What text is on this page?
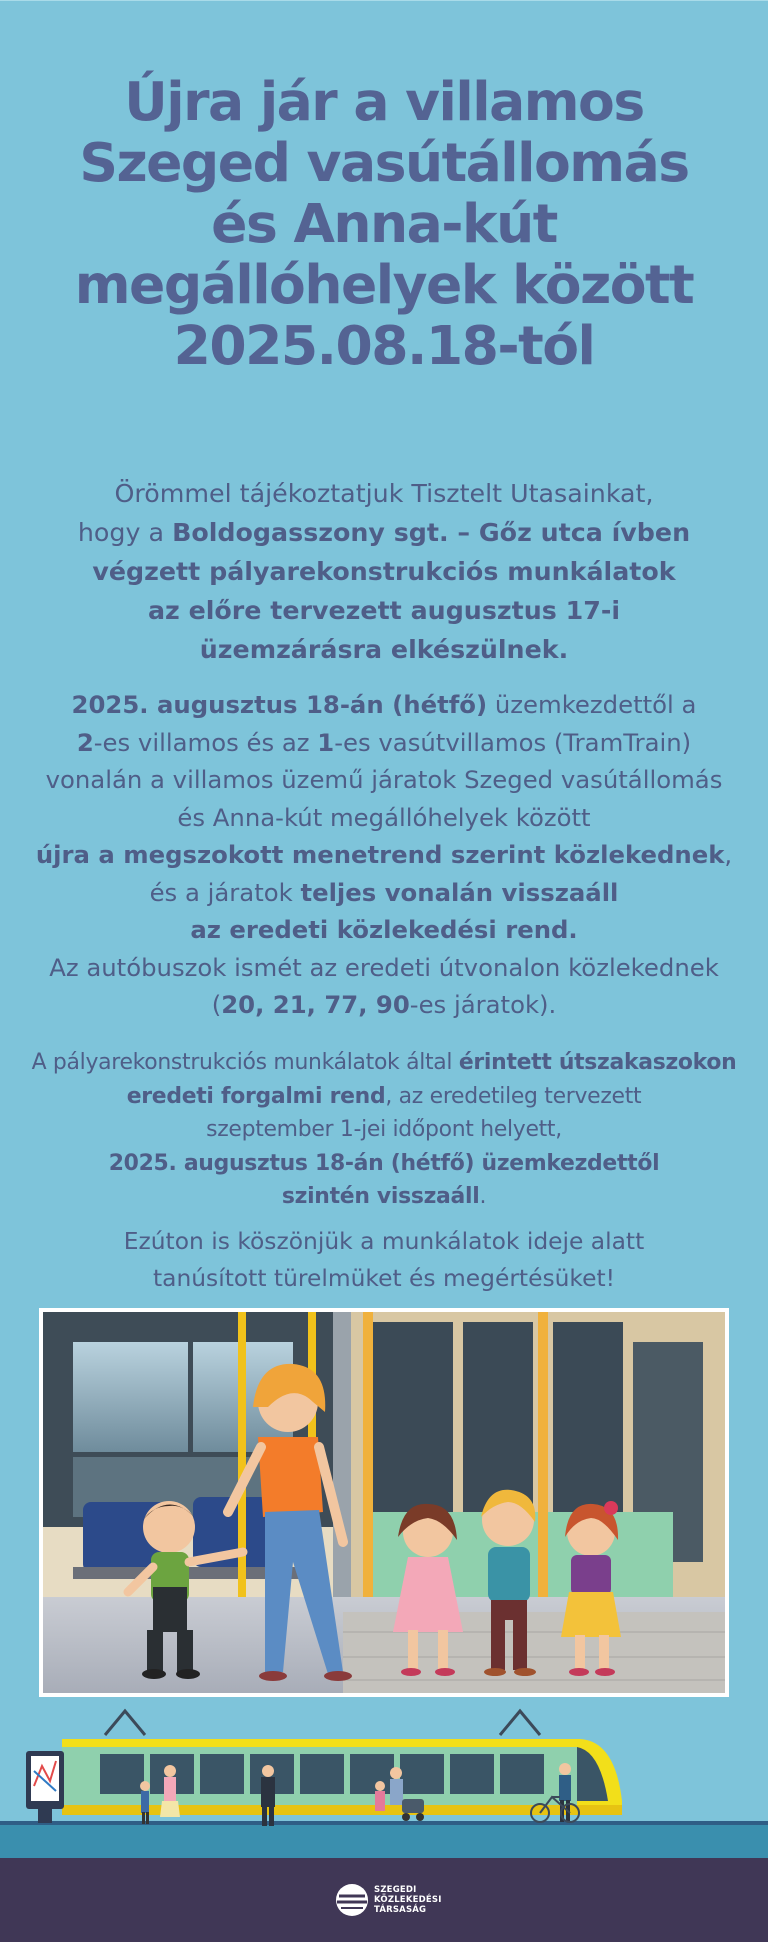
Újra jár a villamos
Szeged vasútállomás
és Anna-kút
megállóhelyek között
2025.08.18-tól
Örömmel tájékoztatjuk Tisztelt Utasainkat,
hogy a Boldogasszony sgt. – Gőz utca ívben
végzett pályarekonstrukciós munkálatok
az előre tervezett augusztus 17-i
üzemzárásra elkészülnek.
2025. augusztus 18-án (hétfő) üzemkezdettől a
2-es villamos és az 1-es vasútvillamos (TramTrain)
vonalán a villamos üzemű járatok Szeged vasútállomás
és Anna-kút megállóhelyek között
újra a megszokott menetrend szerint közlekednek,
és a járatok teljes vonalán visszaáll
az eredeti közlekedési rend.
Az autóbuszok ismét az eredeti útvonalon közlekednek
(20, 21, 77, 90-es járatok).
A pályarekonstrukciós munkálatok által érintett útszakaszokon
eredeti forgalmi rend, az eredetileg tervezett
szeptember 1-jei időpont helyett,
2025. augusztus 18-án (hétfő) üzemkezdettől
szintén visszaáll.
Ezúton is köszönjük a munkálatok ideje alatt
tanúsított türelmüket és megértésüket!
SZEGEDI
KÖZLEKEDÉSI
TÁRSASÁG
